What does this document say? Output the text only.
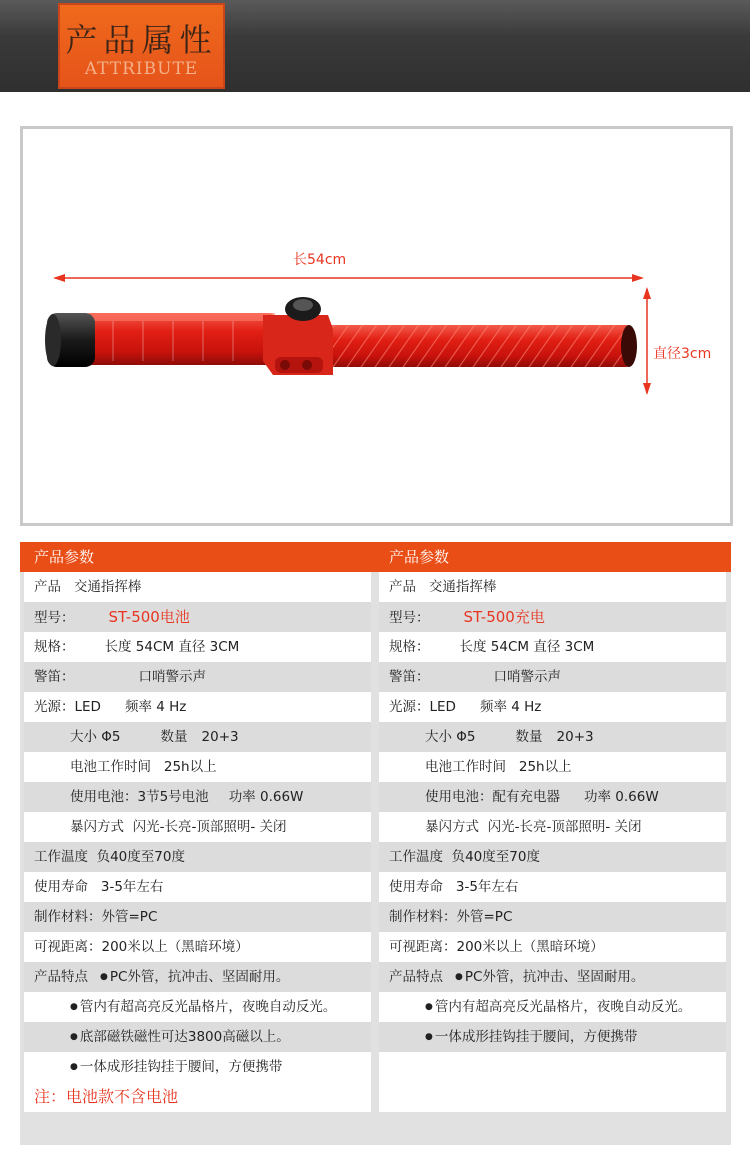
产品属性
ATTRIBUTE
长54cm
直径3cm
产品参数
产品 交通指挥棒
型号： ST-500电池
规格： 长度 54CM 直径 3CM
警笛：	口哨警示声
光源：LED 频率 4 Hz
大小 Φ5	数量 20+3
电池工作时间   25h以上
使用电池：3节5号电池 功率 0.66W
暴闪方式  闪光-长亮-顶部照明- 关闭
工作温度  负40度至70度
使用寿命   3-5年左右
制作材料：外管=PC
可视距离：200米以上（黑暗环境）
产品特点 ● PC外管，抗冲击、坚固耐用。
● 管内有超高亮反光晶格片，夜晚自动反光。
● 底部磁铁磁性可达3800高磁以上。
● 一体成形挂钩挂于腰间，方便携带
注：电池款不含电池
产品参数
产品 交通指挥棒
型号： ST-500充电
规格： 长度 54CM 直径 3CM
警笛：	口哨警示声
光源：LED 频率 4 Hz
大小 Φ5	数量 20+3
电池工作时间   25h以上
使用电池：配有充电器 功率 0.66W
暴闪方式  闪光-长亮-顶部照明- 关闭
工作温度  负40度至70度
使用寿命   3-5年左右
制作材料：外管=PC
可视距离：200米以上（黑暗环境）
产品特点 ● PC外管，抗冲击、坚固耐用。
● 管内有超高亮反光晶格片，夜晚自动反光。
● 一体成形挂钩挂于腰间，方便携带
